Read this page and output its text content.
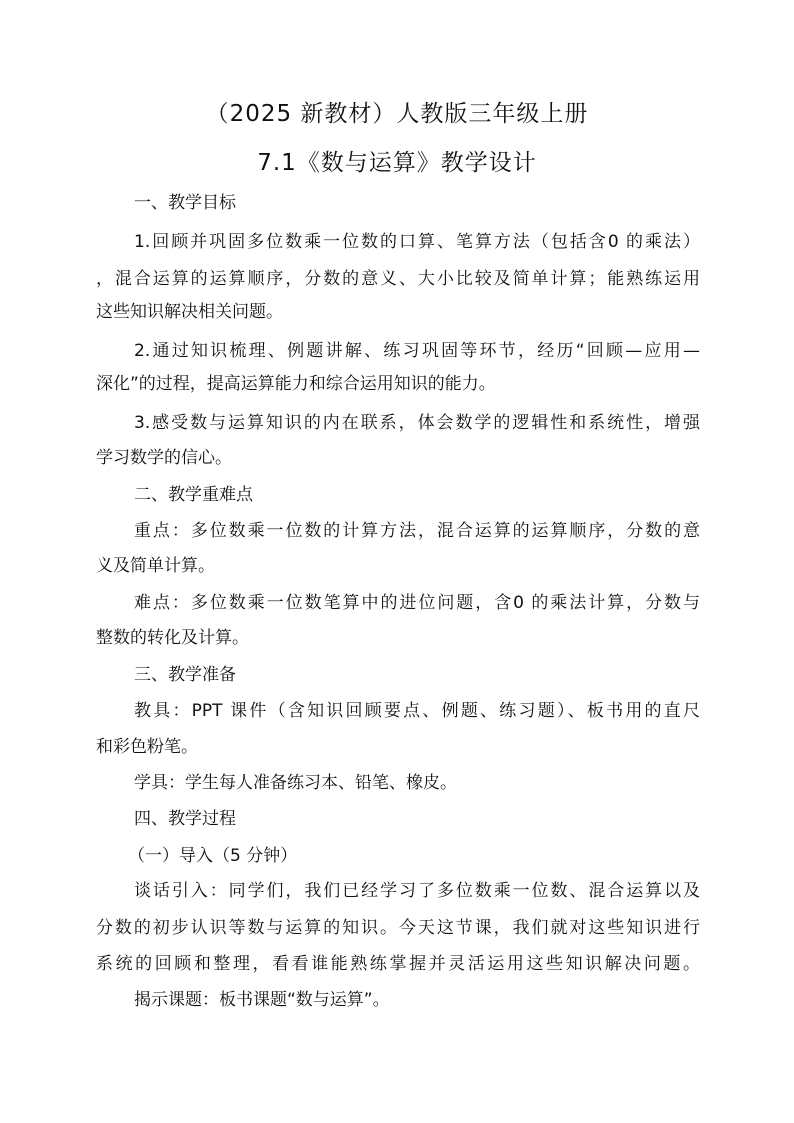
（2025 新教材）人教版三年级上册
7.1《数与运算》教学设计
一、教学目标
1.回顾并巩固多位数乘一位数的口算、笔算方法（包括含0 的乘法）
，混合运算的运算顺序，分数的意义、大小比较及简单计算；能熟练运用
这些知识解决相关问题。
2.通过知识梳理、例题讲解、练习巩固等环节，经历“回顾—应用—
深化”的过程，提高运算能力和综合运用知识的能力。
3.感受数与运算知识的内在联系，体会数学的逻辑性和系统性，增强
学习数学的信心。
二、教学重难点
重点：多位数乘一位数的计算方法，混合运算的运算顺序，分数的意
义及简单计算。
难点：多位数乘一位数笔算中的进位问题，含0 的乘法计算，分数与
整数的转化及计算。
三、教学准备
教具：PPT 课件（含知识回顾要点、例题、练习题）、板书用的直尺
和彩色粉笔。
学具：学生每人准备练习本、铅笔、橡皮。
四、教学过程
（一）导入（5 分钟）
谈话引入：同学们，我们已经学习了多位数乘一位数、混合运算以及
分数的初步认识等数与运算的知识。今天这节课，我们就对这些知识进行
系统的回顾和整理，看看谁能熟练掌握并灵活运用这些知识解决问题。
揭示课题：板书课题“数与运算”。
